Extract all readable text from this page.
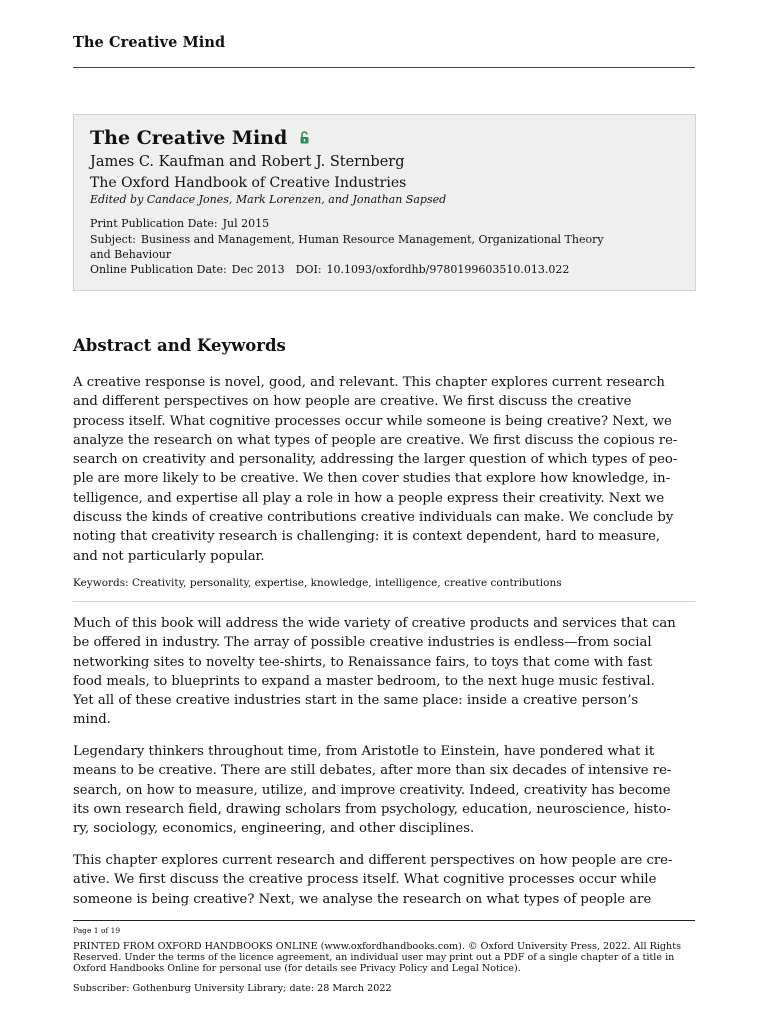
The Creative Mind
The Creative Mind
James C. Kaufman and Robert J. Sternberg
The Oxford Handbook of Creative Industries
Edited by Candace Jones, Mark Lorenzen, and Jonathan Sapsed
Print Publication Date: Jul 2015
Subject: Business and Management, Human Resource Management, Organizational Theory
and Behaviour
Online Publication Date: Dec 2013 DOI: 10.1093/oxfordhb/9780199603510.013.022
Abstract and Keywords
A creative response is novel, good, and relevant. This chapter explores current research
and different perspectives on how people are creative. We first discuss the creative
process itself. What cognitive processes occur while someone is being creative? Next, we
analyze the research on what types of people are creative. We first discuss the copious re-
search on creativity and personality, addressing the larger question of which types of peo-
ple are more likely to be creative. We then cover studies that explore how knowledge, in-
telligence, and expertise all play a role in how a people express their creativity. Next we
discuss the kinds of creative contributions creative individuals can make. We conclude by
noting that creativity research is challenging: it is context dependent, hard to measure,
and not particularly popular.
Keywords: Creativity, personality, expertise, knowledge, intelligence, creative contributions
Much of this book will address the wide variety of creative products and services that can
be offered in industry. The array of possible creative industries is endless—from social
networking sites to novelty tee-shirts, to Renaissance fairs, to toys that come with fast
food meals, to blueprints to expand a master bedroom, to the next huge music festival.
Yet all of these creative industries start in the same place: inside a creative person’s
mind.
Legendary thinkers throughout time, from Aristotle to Einstein, have pondered what it
means to be creative. There are still debates, after more than six decades of intensive re-
search, on how to measure, utilize, and improve creativity. Indeed, creativity has become
its own research field, drawing scholars from psychology, education, neuroscience, histo-
ry, sociology, economics, engineering, and other disciplines.
This chapter explores current research and different perspectives on how people are cre-
ative. We first discuss the creative process itself. What cognitive processes occur while
someone is being creative? Next, we analyse the research on what types of people are
Page 1 of 19
PRINTED FROM OXFORD HANDBOOKS ONLINE (www.oxfordhandbooks.com). © Oxford University Press, 2022. All Rights
Reserved. Under the terms of the licence agreement, an individual user may print out a PDF of a single chapter of a title in
Oxford Handbooks Online for personal use (for details see Privacy Policy and Legal Notice).
Subscriber: Gothenburg University Library; date: 28 March 2022
